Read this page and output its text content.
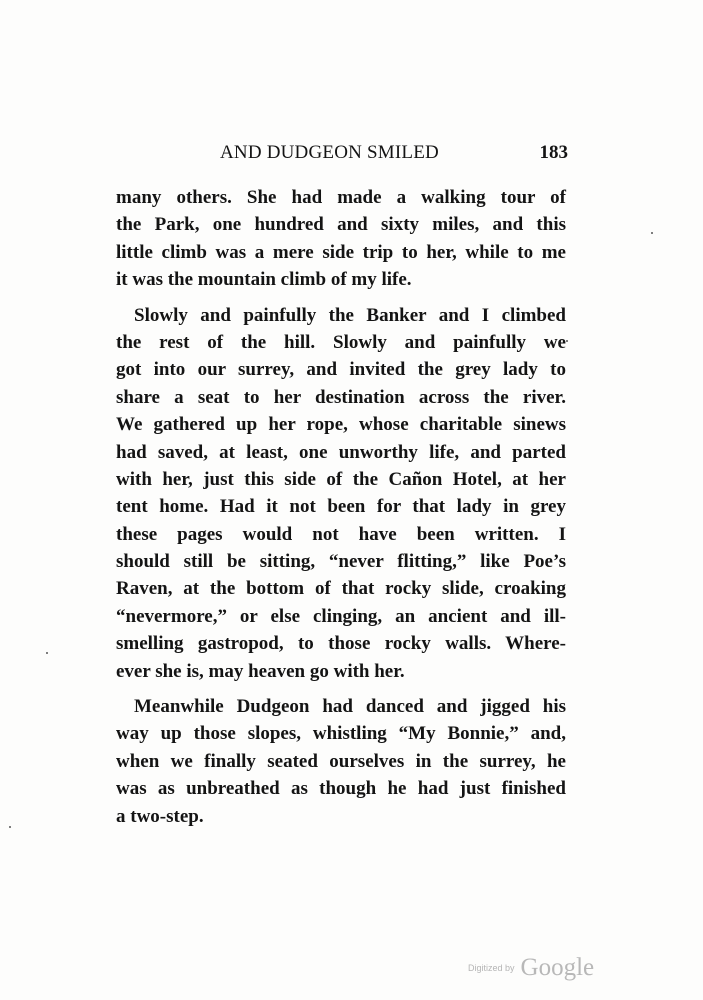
AND DUDGEON SMILED	183
many others. She had made a walking tour of
the Park, one hundred and sixty miles, and this
little climb was a mere side trip to her, while to me
it was the mountain climb of my life.
Slowly and painfully the Banker and I climbed
the rest of the hill. Slowly and painfully we
got into our surrey, and invited the grey lady to
share a seat to her destination across the river.
We gathered up her rope, whose charitable sinews
had saved, at least, one unworthy life, and parted
with her, just this side of the Cañon Hotel, at her
tent home. Had it not been for that lady in grey
these pages would not have been written. I
should still be sitting, “never flitting,” like Poe’s
Raven, at the bottom of that rocky slide, croaking
“nevermore,” or else clinging, an ancient and ill-
smelling gastropod, to those rocky walls. Where-
ever she is, may heaven go with her.
Meanwhile Dudgeon had danced and jigged his
way up those slopes, whistling “My Bonnie,” and,
when we finally seated ourselves in the surrey, he
was as unbreathed as though he had just finished
a two-step.
Digitized by Google
